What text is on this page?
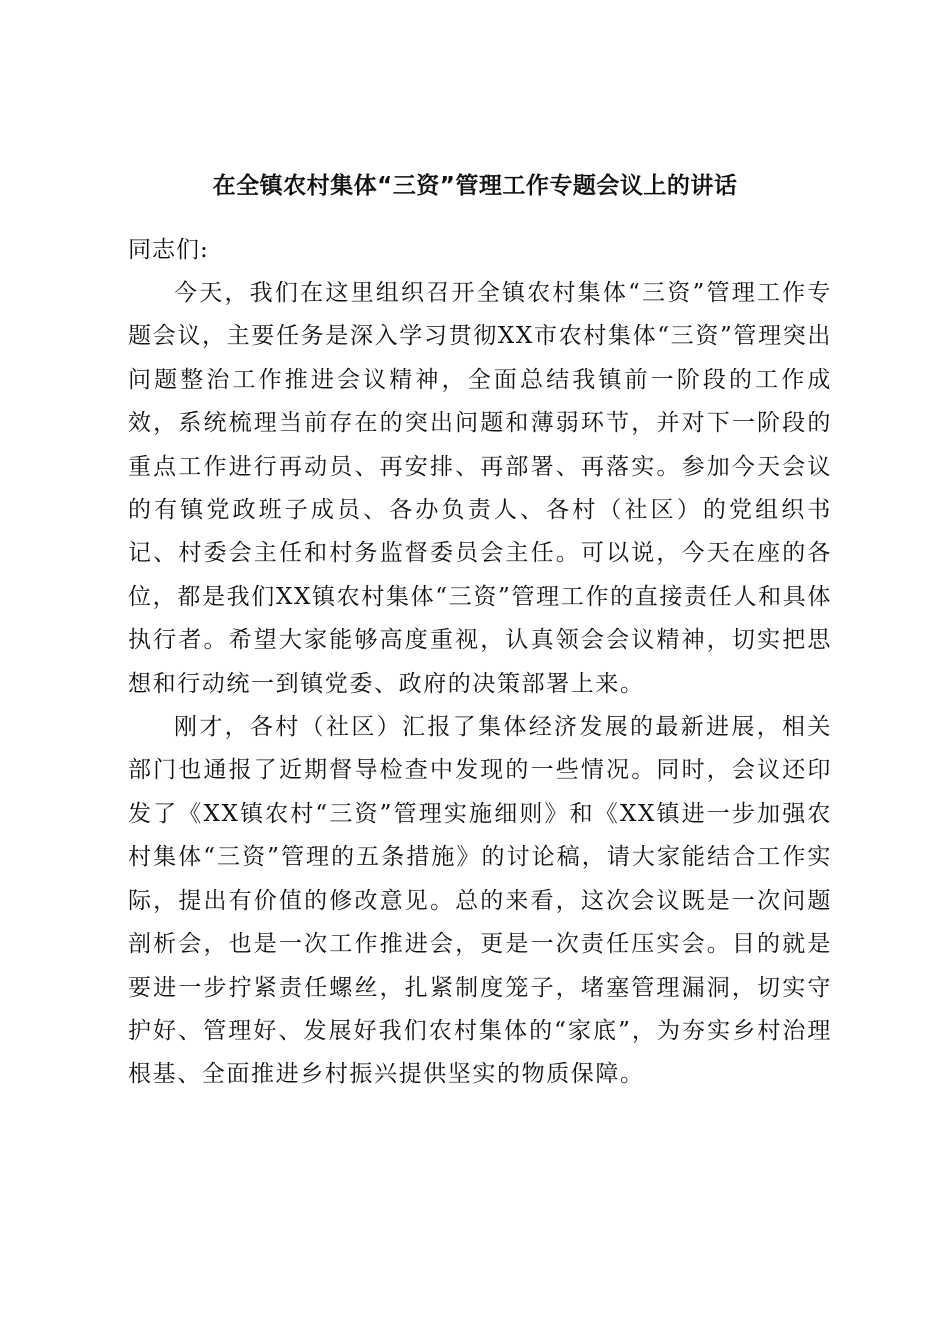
在全镇农村集体“三资”管理工作专题会议上的讲话
同志们:

今天，我们在这里组织召开全镇农村集体“三资”管理工作专题会议，主要任务是深入学习贯彻XX市农村集体“三资”管理突出问题整治工作推进会议精神，全面总结我镇前一阶段的工作成效，系统梳理当前存在的突出问题和薄弱环节，并对下一阶段的重点工作进行再动员、再安排、再部署、再落实。参加今天会议的有镇党政班子成员、各办负责人、各村（社区）的党组织书记、村委会主任和村务监督委员会主任。可以说，今天在座的各位，都是我们XX镇农村集体“三资”管理工作的直接责任人和具体执行者。希望大家能够高度重视，认真领会会议精神，切实把思想和行动统一到镇党委、政府的决策部署上来。

刚才，各村（社区）汇报了集体经济发展的最新进展，相关部门也通报了近期督导检查中发现的一些情况。同时，会议还印发了《XX镇农村“三资”管理实施细则》和《XX镇进一步加强农村集体“三资”管理的五条措施》的讨论稿，请大家能结合工作实际，提出有价值的修改意见。总的来看，这次会议既是一次问题剖析会，也是一次工作推进会，更是一次责任压实会。目的就是要进一步拧紧责任螺丝，扎紧制度笼子，堵塞管理漏洞，切实守护好、管理好、发展好我们农村集体的“家底”，为夯实乡村治理根基、全面推进乡村振兴提供坚实的物质保障。
